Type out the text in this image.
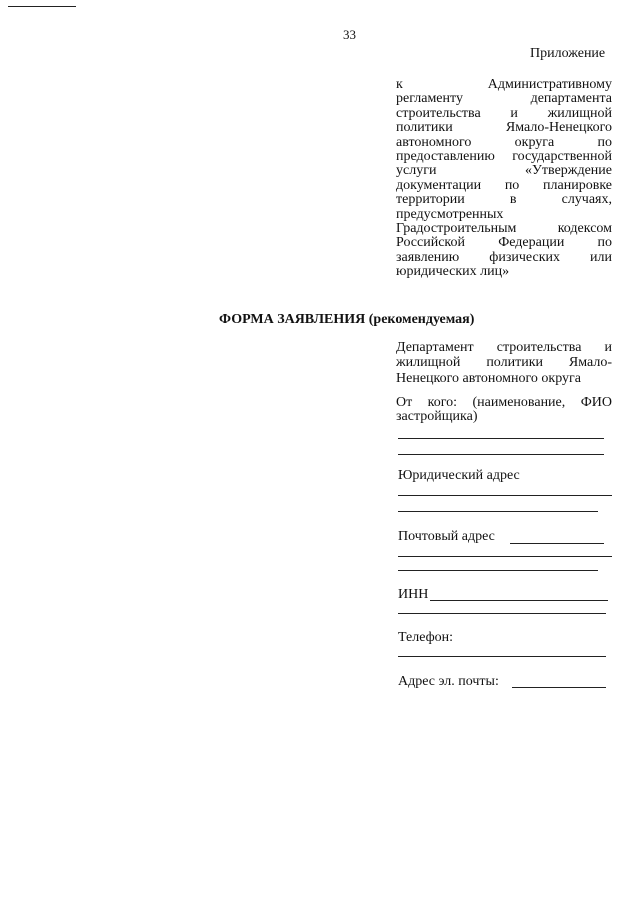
33
Приложение
к Административному
регламенту департамента
строительства и жилищной
политики Ямало-Ненецкого
автономного округа по
предоставлению государственной
услуги «Утверждение
документации по планировке
территории в случаях,
предусмотренных
Градостроительным кодексом
Российской Федерации по
заявлению физических или
юридических лиц»
ФОРМА ЗАЯВЛЕНИЯ (рекомендуемая)
Департамент строительства и
жилищной политики Ямало-
Ненецкого автономного округа
От кого: (наименование, ФИО
застройщика)
Юридический адрес
Почтовый адрес
ИНН
Телефон:
Адрес эл. почты:
